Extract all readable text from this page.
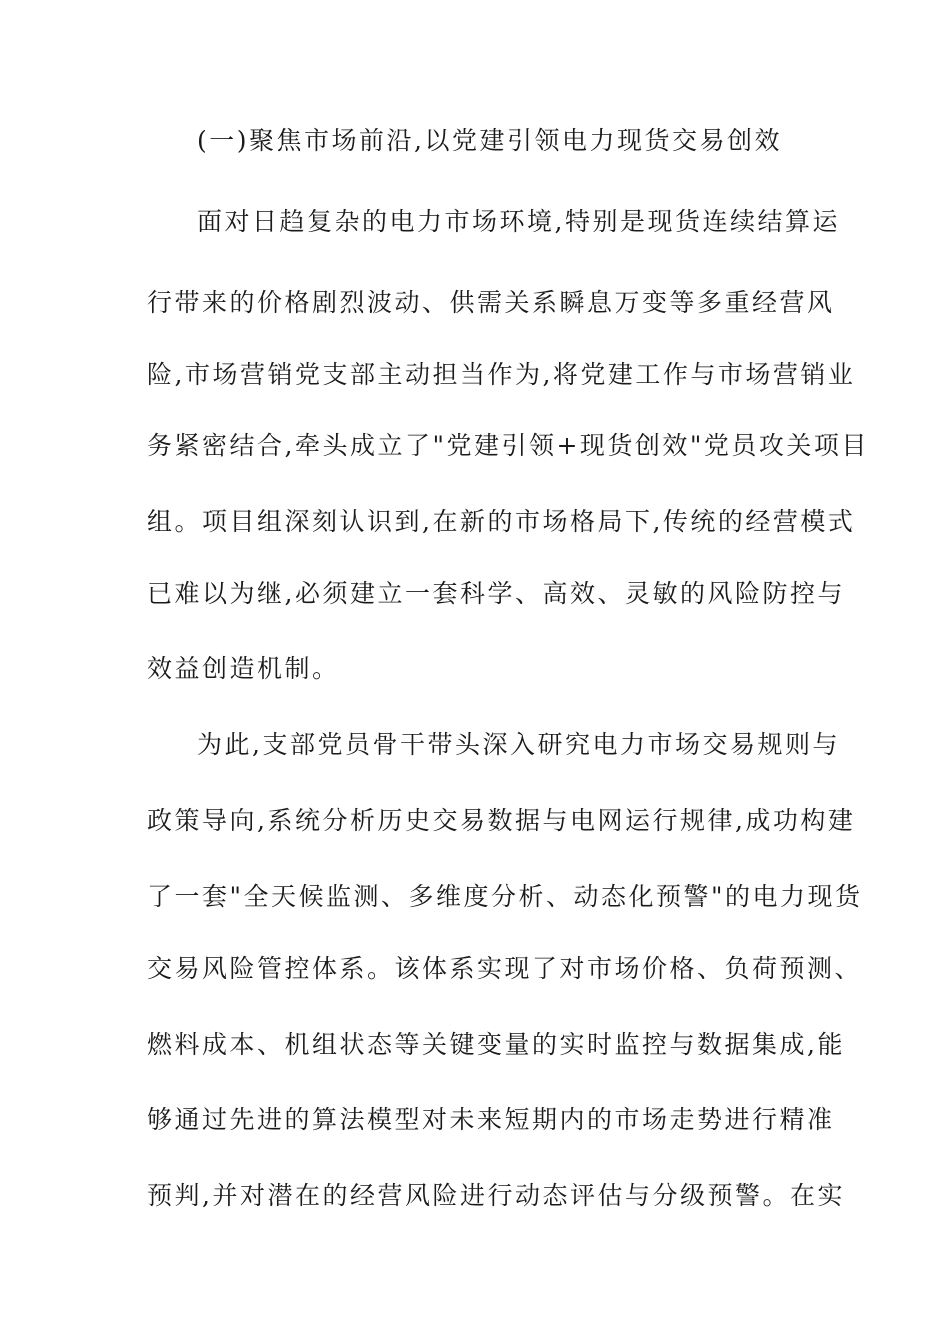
(一)聚焦市场前沿,以党建引领电力现货交易创效
面对日趋复杂的电力市场环境,特别是现货连续结算运
行带来的价格剧烈波动、供需关系瞬息万变等多重经营风
险,市场营销党支部主动担当作为,将党建工作与市场营销业
务紧密结合,牵头成立了"党建引领+现货创效"党员攻关项目
组。项目组深刻认识到,在新的市场格局下,传统的经营模式
已难以为继,必须建立一套科学、高效、灵敏的风险防控与
效益创造机制。
为此,支部党员骨干带头深入研究电力市场交易规则与
政策导向,系统分析历史交易数据与电网运行规律,成功构建
了一套"全天候监测、多维度分析、动态化预警"的电力现货
交易风险管控体系。该体系实现了对市场价格、负荷预测、
燃料成本、机组状态等关键变量的实时监控与数据集成,能
够通过先进的算法模型对未来短期内的市场走势进行精准
预判,并对潜在的经营风险进行动态评估与分级预警。在实
